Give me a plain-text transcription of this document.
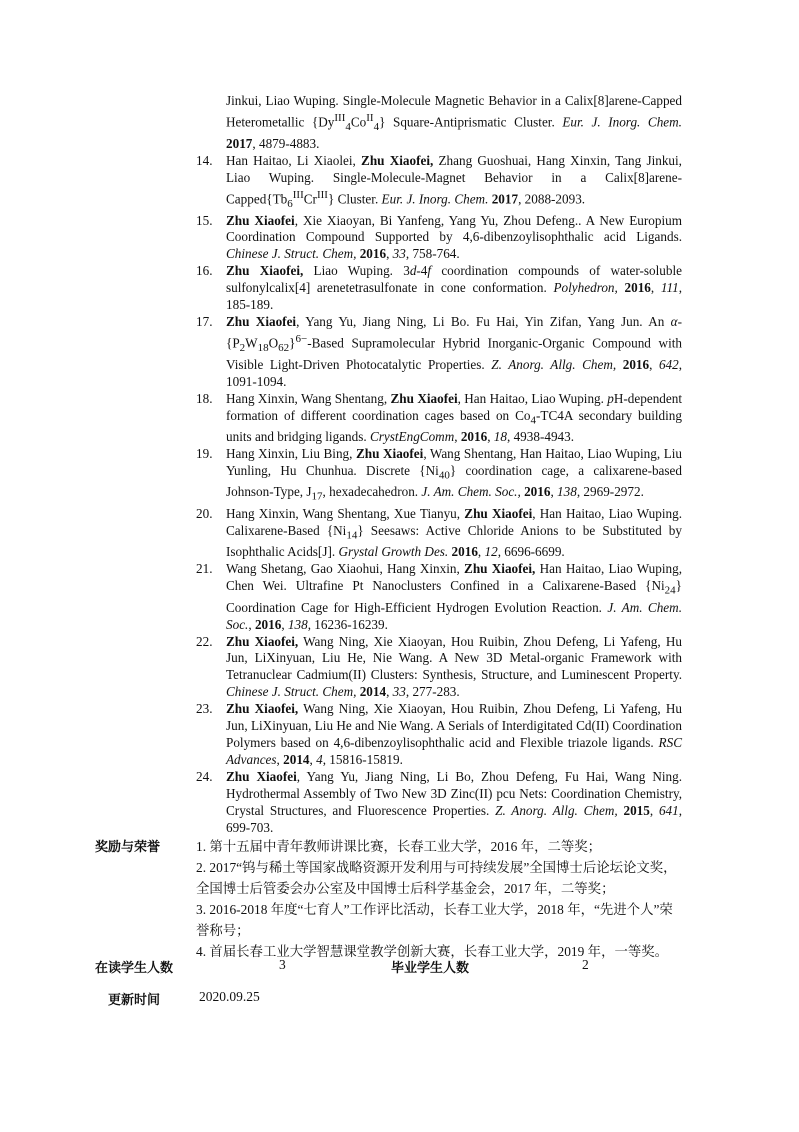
Jinkui, Liao Wuping. Single-Molecule Magnetic Behavior in a Calix[8]arene-Capped Heterometallic $\{Dy^{III}_4Co^{II}_4\}$ Square-Antiprismatic Cluster. Eur. J. Inorg. Chem. 2017, 4879-4883.
14. Han Haitao, Li Xiaolei, Zhu Xiaofei, Zhang Guoshuai, Hang Xinxin, Tang Jinkui, Liao Wuping. Single-Molecule-Magnet Behavior in a $Calix[8]arene-Capped\{Tb_6^{III}Cr^{III}\}$ Cluster. Eur. J. Inorg. Chem. 2017, 2088-2093.
15. Zhu Xiaofei, Xie Xiaoyan, Bi Yanfeng, Yang Yu, Zhou Defeng.. A New Europium Coordination Compound Supported by 4,6-dibenzoylisophthalic acid Ligands. Chinese J. Struct. Chem, 2016, 33, 758-764.
16. Zhu Xiaofei, Liao Wuping. 3d-4f coordination compounds of water-soluble sulfonylcalix[4] arenetetrasulfonate in cone conformation. Polyhedron, 2016, 111, 185-189.
17. Zhu Xiaofei, Yang Yu, Jiang Ning, Li Bo. Fu Hai, Yin Zifan, Yang Jun. An $\alpha-\{P_2W_{18}O_{62}\}^{6-}$-Based Supramolecular Hybrid Inorganic-Organic Compound with Visible Light-Driven Photocatalytic Properties. Z. Anorg. Allg. Chem, 2016, 642, 1091-1094.
18. Hang Xinxin, Wang Shentang, Zhu Xiaofei, Han Haitao, Liao Wuping. pH-dependent formation of different coordination cages based on $Co_4-TC4A$ secondary building units and bridging ligands. CrystEngComm, 2016, 18, 4938-4943.
19. Hang Xinxin, Liu Bing, Zhu Xiaofei, Wang Shentang, Han Haitao, Liao Wuping, Liu Yunling, Hu Chunhua. Discrete $\{Ni_{40}\}$ coordination cage, a calixarene-based Johnson-Type, $J_{17}$, hexadecahedron. J. Am. Chem. Soc., 2016, 138, 2969-2972.
20. Hang Xinxin, Wang Shentang, Xue Tianyu, Zhu Xiaofei, Han Haitao, Liao Wuping. Calixarene-Based $\{Ni_{14}\}$ Seesaws: Active Chloride Anions to be Substituted by Isophthalic Acids[J]. Grystal Growth Des. 2016, 12, 6696-6699.
21. Wang Shetang, Gao Xiaohui, Hang Xinxin, Zhu Xiaofei, Han Haitao, Liao Wuping, Chen Wei. Ultrafine Pt Nanoclusters Confined in a Calixarene-Based $\{Ni_{24}\}$ Coordination Cage for High-Efficient Hydrogen Evolution Reaction. J. Am. Chem. Soc., 2016, 138, 16236-16239.
22. Zhu Xiaofei, Wang Ning, Xie Xiaoyan, Hou Ruibin, Zhou Defeng, Li Yafeng, Hu Jun, LiXinyuan, Liu He, Nie Wang. A New 3D Metal-organic Framework with Tetranuclear Cadmium(II) Clusters: Synthesis, Structure, and Luminescent Property. Chinese J. Struct. Chem, 2014, 33, 277-283.
23. Zhu Xiaofei, Wang Ning, Xie Xiaoyan, Hou Ruibin, Zhou Defeng, Li Yafeng, Hu Jun, LiXinyuan, Liu He and Nie Wang. A Serials of Interdigitated Cd(II) Coordination Polymers based on 4,6-dibenzoylisophthalic acid and Flexible triazole ligands. RSC Advances, 2014, 4, 15816-15819.
24. Zhu Xiaofei, Yang Yu, Jiang Ning, Li Bo, Zhou Defeng, Fu Hai, Wang Ning. Hydrothermal Assembly of Two New 3D Zinc(II) pcu Nets: Coordination Chemistry, Crystal Structures, and Fluorescence Properties. Z. Anorg. Allg. Chem, 2015, 641, 699-703.
奖励与荣誉	1. 第十五届中青年教师讲课比赛，长春工业大学，2016 年，二等奖；
2. 2017“钨与稀土等国家战略资源开发利用与可持续发展”全国博士后论坛论文奖，全国博士后管委会办公室及中国博士后科学基金会，2017 年，二等奖；
3. 2016-2018 年度“七育人”工作评比活动，长春工业大学，2018 年，“先进个人”荣誉称号；
4. 首届长春工业大学智慧课堂教学创新大赛，长春工业大学，2019 年，一等奖。
在读学生人数	3	毕业学生人数	2
更新时间	2020.09.25
